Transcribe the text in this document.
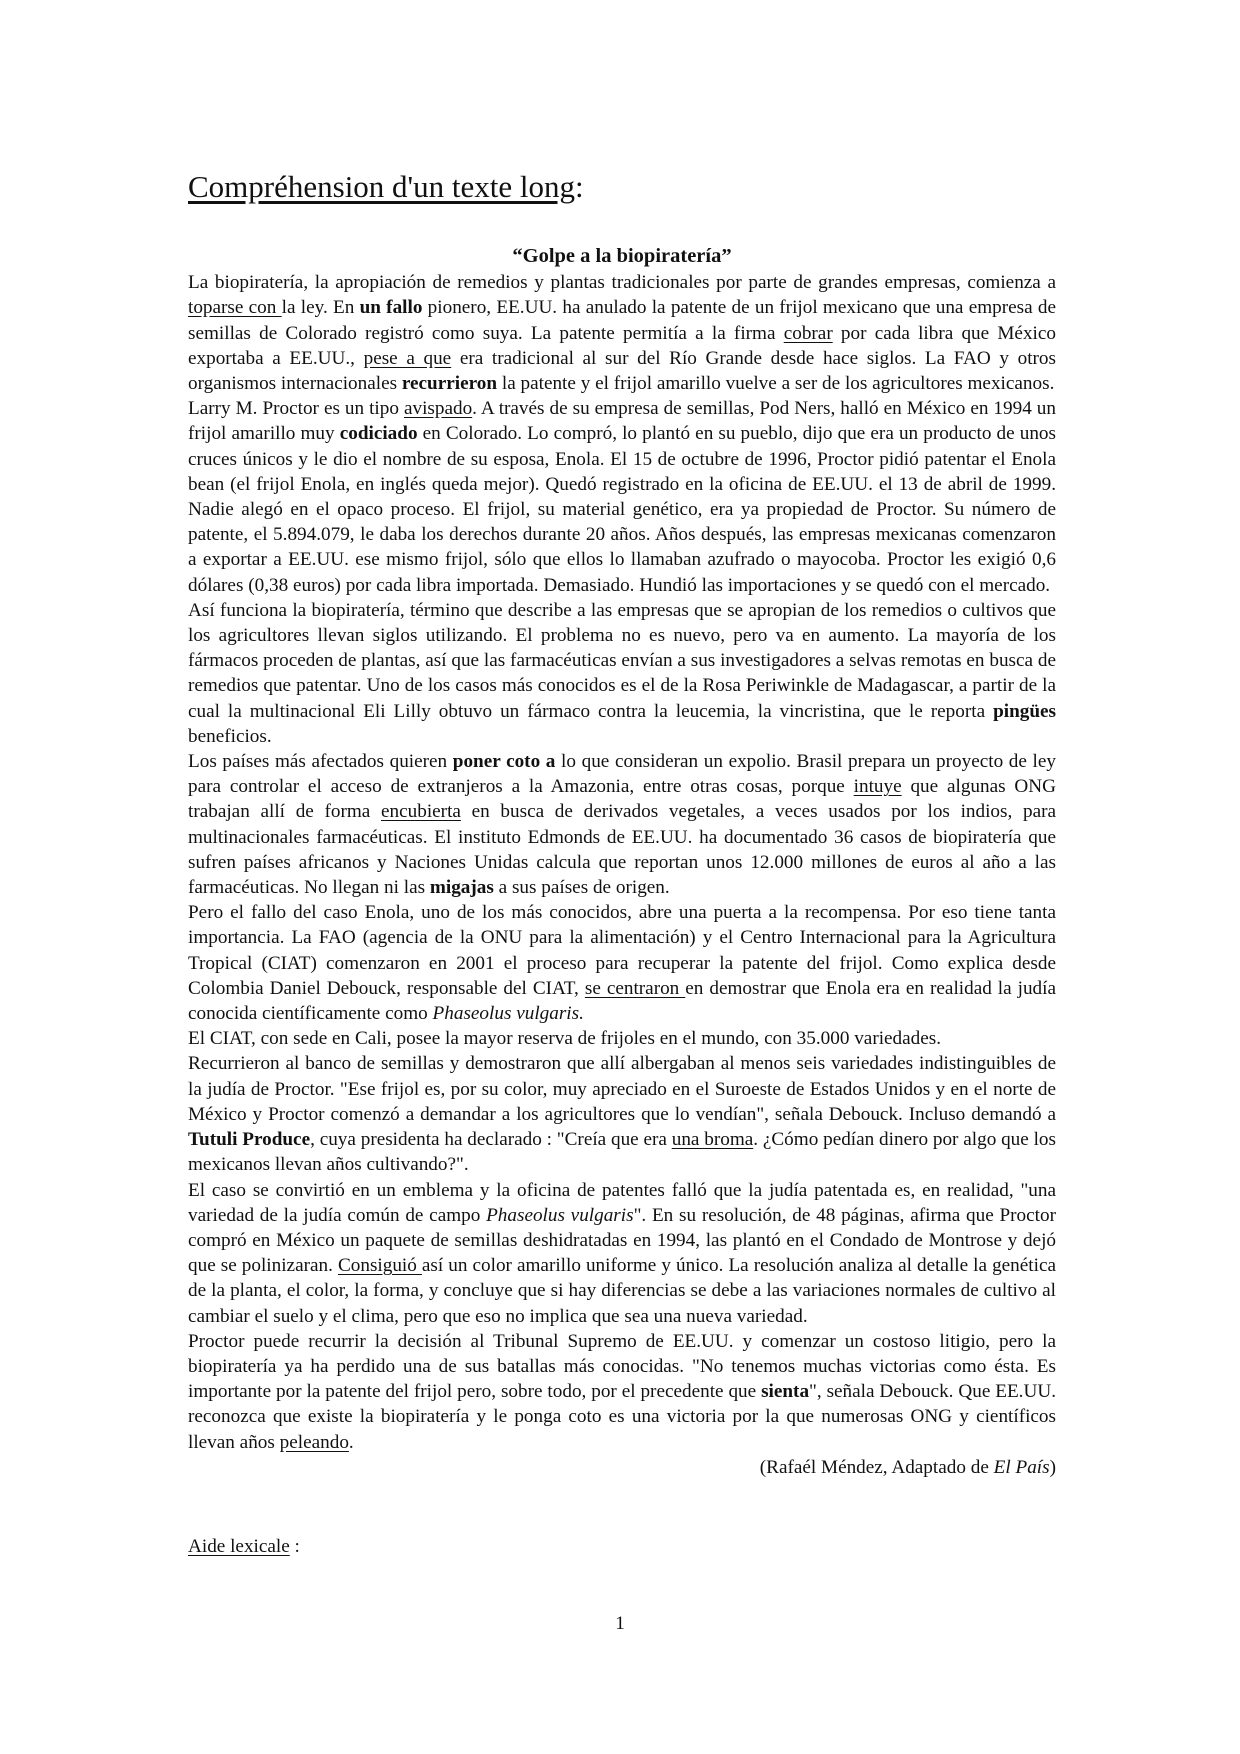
Compréhension d'un texte long:

“Golpe a la biopiratería”

La biopiratería, la apropiación de remedios y plantas tradicionales por parte de grandes empresas, comienza a toparse con la ley. En un fallo pionero, EE.UU. ha anulado la patente de un frijol mexicano que una empresa de semillas de Colorado registró como suya. La patente permitía a la firma cobrar por cada libra que México exportaba a EE.UU., pese a que era tradicional al sur del Río Grande desde hace siglos. La FAO y otros organismos internacionales recurrieron la patente y el frijol amarillo vuelve a ser de los agricultores mexicanos.

Larry M. Proctor es un tipo avispado. A través de su empresa de semillas, Pod Ners, halló en México en 1994 un frijol amarillo muy codiciado en Colorado. Lo compró, lo plantó en su pueblo, dijo que era un producto de unos cruces únicos y le dio el nombre de su esposa, Enola. El 15 de octubre de 1996, Proctor pidió patentar el Enola bean (el frijol Enola, en inglés queda mejor). Quedó registrado en la oficina de EE.UU. el 13 de abril de 1999. Nadie alegó en el opaco proceso. El frijol, su material genético, era ya propiedad de Proctor. Su número de patente, el 5.894.079, le daba los derechos durante 20 años. Años después, las empresas mexicanas comenzaron a exportar a EE.UU. ese mismo frijol, sólo que ellos lo llamaban azufrado o mayocoba. Proctor les exigió 0,6 dólares (0,38 euros) por cada libra importada. Demasiado. Hundió las importaciones y se quedó con el mercado.

Así funciona la biopiratería, término que describe a las empresas que se apropian de los remedios o cultivos que los agricultores llevan siglos utilizando. El problema no es nuevo, pero va en aumento. La mayoría de los fármacos proceden de plantas, así que las farmacéuticas envían a sus investigadores a selvas remotas en busca de remedios que patentar. Uno de los casos más conocidos es el de la Rosa Periwinkle de Madagascar, a partir de la cual la multinacional Eli Lilly obtuvo un fármaco contra la leucemia, la vincristina, que le reporta pingües beneficios.

Los países más afectados quieren poner coto a lo que consideran un expolio. Brasil prepara un proyecto de ley para controlar el acceso de extranjeros a la Amazonia, entre otras cosas, porque intuye que algunas ONG trabajan allí de forma encubierta en busca de derivados vegetales, a veces usados por los indios, para multinacionales farmacéuticas. El instituto Edmonds de EE.UU. ha documentado 36 casos de biopiratería que sufren países africanos y Naciones Unidas calcula que reportan unos 12.000 millones de euros al año a las farmacéuticas. No llegan ni las migajas a sus países de origen.

Pero el fallo del caso Enola, uno de los más conocidos, abre una puerta a la recompensa. Por eso tiene tanta importancia. La FAO (agencia de la ONU para la alimentación) y el Centro Internacional para la Agricultura Tropical (CIAT) comenzaron en 2001 el proceso para recuperar la patente del frijol. Como explica desde Colombia Daniel Debouck, responsable del CIAT, se centraron en demostrar que Enola era en realidad la judía conocida científicamente como Phaseolus vulgaris.

El CIAT, con sede en Cali, posee la mayor reserva de frijoles en el mundo, con 35.000 variedades.

Recurrieron al banco de semillas y demostraron que allí albergaban al menos seis variedades indistinguibles de la judía de Proctor. "Ese frijol es, por su color, muy apreciado en el Suroeste de Estados Unidos y en el norte de México y Proctor comenzó a demandar a los agricultores que lo vendían", señala Debouck. Incluso demandó a Tutuli Produce, cuya presidenta ha declarado : "Creía que era una broma. ¿Cómo pedían dinero por algo que los mexicanos llevan años cultivando?".

El caso se convirtió en un emblema y la oficina de patentes falló que la judía patentada es, en realidad, "una variedad de la judía común de campo Phaseolus vulgaris". En su resolución, de 48 páginas, afirma que Proctor compró en México un paquete de semillas deshidratadas en 1994, las plantó en el Condado de Montrose y dejó que se polinizaran. Consiguió así un color amarillo uniforme y único. La resolución analiza al detalle la genética de la planta, el color, la forma, y concluye que si hay diferencias se debe a las variaciones normales de cultivo al cambiar el suelo y el clima, pero que eso no implica que sea una nueva variedad.

Proctor puede recurrir la decisión al Tribunal Supremo de EE.UU. y comenzar un costoso litigio, pero la biopiratería ya ha perdido una de sus batallas más conocidas. "No tenemos muchas victorias como ésta. Es importante por la patente del frijol pero, sobre todo, por el precedente que sienta", señala Debouck. Que EE.UU. reconozca que existe la biopiratería y le ponga coto es una victoria por la que numerosas ONG y científicos llevan años peleando.

(Rafaél Méndez, Adaptado de El País)

Aide lexicale :

1
